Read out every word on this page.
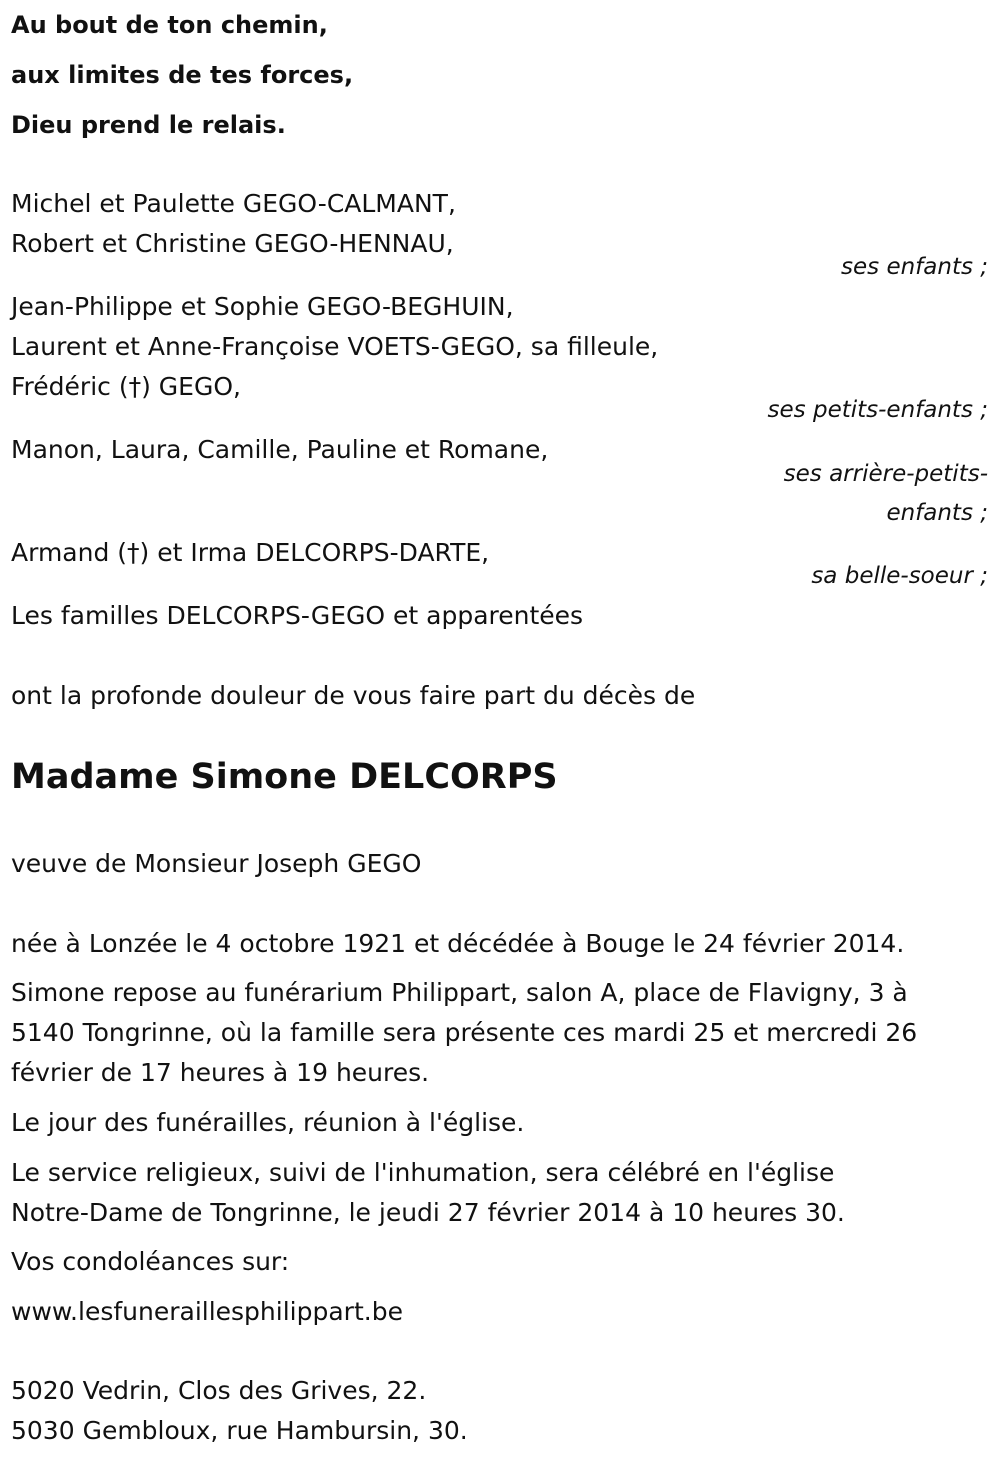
Au bout de ton chemin,
aux limites de tes forces,
Dieu prend le relais.
Michel et Paulette GEGO-CALMANT,
Robert et Christine GEGO-HENNAU,
ses enfants ;
Jean-Philippe et Sophie GEGO-BEGHUIN,
Laurent et Anne-Françoise VOETS-GEGO, sa filleule,
Frédéric (†) GEGO,
ses petits-enfants ;
Manon, Laura, Camille, Pauline et Romane,
ses arrière-petits-
enfants ;
Armand (†) et Irma DELCORPS-DARTE,
sa belle-soeur ;
Les familles DELCORPS-GEGO et apparentées
ont la profonde douleur de vous faire part du décès de
Madame Simone DELCORPS
veuve de Monsieur Joseph GEGO
née à Lonzée le 4 octobre 1921 et décédée à Bouge le 24 février 2014.
Simone repose au funérarium Philippart, salon A, place de Flavigny, 3 à
5140 Tongrinne, où la famille sera présente ces mardi 25 et mercredi 26
février de 17 heures à 19 heures.
Le jour des funérailles, réunion à l'église.
Le service religieux, suivi de l'inhumation, sera célébré en l'église
Notre-Dame de Tongrinne, le jeudi 27 février 2014 à 10 heures 30.
Vos condoléances sur:
www.lesfuneraillesphilippart.be
5020 Vedrin, Clos des Grives, 22.
5030 Gembloux, rue Hambursin, 30.
